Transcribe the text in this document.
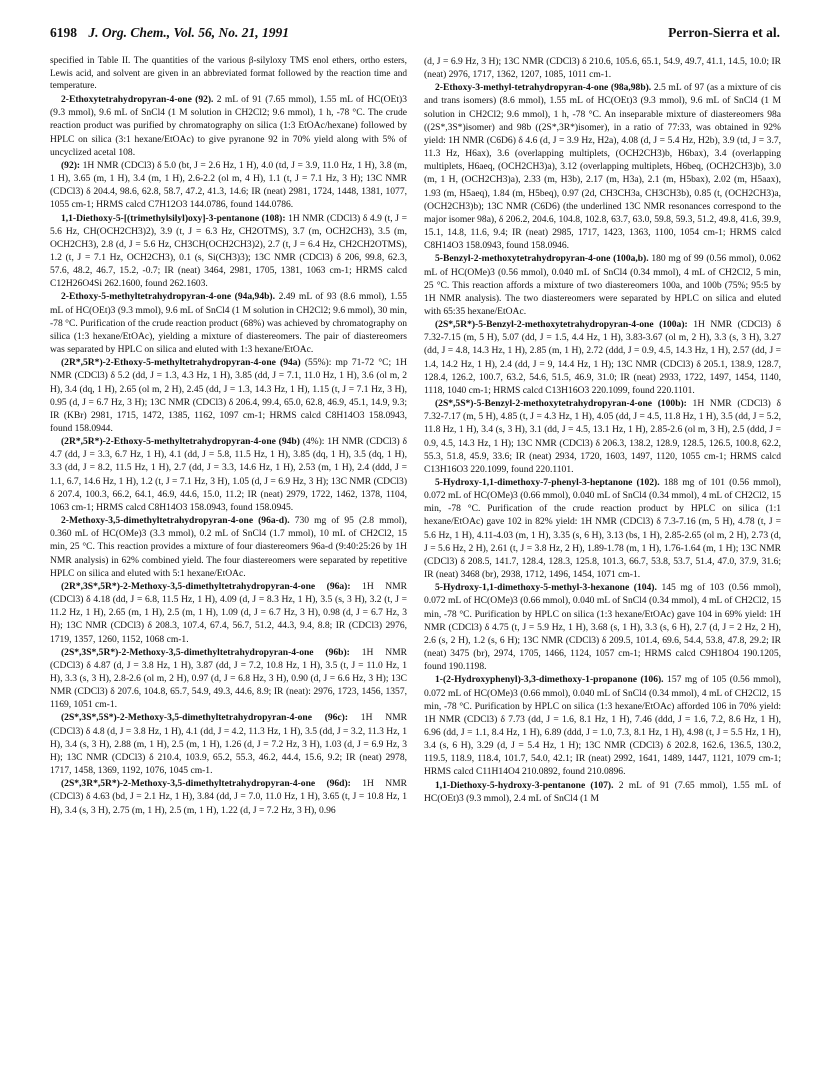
6198 J. Org. Chem., Vol. 56, No. 21, 1991	Perron-Sierra et al.

specified in Table II. The quantities of the various β-silyloxy TMS enol ethers, ortho esters, Lewis acid, and solvent are given in an abbreviated format followed by the reaction time and temperature.

2-Ethoxytetrahydropyran-4-one (92). 2 mL of 91 (7.65 mmol), 1.55 mL of HC(OEt)3 (9.3 mmol), 9.6 mL of SnCl4 (1 M solution in CH2Cl2; 9.6 mmol), 1 h, -78 °C. The crude reaction product was purified by chromatography on silica (1:3 EtOAc/hexane) followed by HPLC on silica (3:1 hexane/EtOAc) to give pyranone 92 in 70% yield along with 5% of uncyclized acetal 108.

(92): 1H NMR (CDCl3) δ 5.0 (bt, J = 2.6 Hz, 1 H), 4.0 (td, J = 3.9, 11.0 Hz, 1 H), 3.8 (m, 1 H), 3.65 (m, 1 H), 3.4 (m, 1 H), 2.6-2.2 (ol m, 4 H), 1.1 (t, J = 7.1 Hz, 3 H); 13C NMR (CDCl3) δ 204.4, 98.6, 62.8, 58.7, 47.2, 41.3, 14.6; IR (neat) 2981, 1724, 1448, 1381, 1077, 1055 cm-1; HRMS calcd C7H12O3 144.0786, found 144.0786.

1,1-Diethoxy-5-[(trimethylsilyl)oxy]-3-pentanone (108): 1H NMR (CDCl3) δ 4.9 (t, J = 5.6 Hz, CH(OCH2CH3)2), 3.9 (t, J = 6.3 Hz, CH2OTMS), 3.7 (m, OCH2CH3), 3.5 (m, OCH2CH3), 2.8 (d, J = 5.6 Hz, CH3CH(OCH2CH3)2), 2.7 (t, J = 6.4 Hz, CH2CH2OTMS), 1.2 (t, J = 7.1 Hz, OCH2CH3), 0.1 (s, Si(CH3)3); 13C NMR (CDCl3) δ 206, 99.8, 62.3, 57.6, 48.2, 46.7, 15.2, -0.7; IR (neat) 3464, 2981, 1705, 1381, 1063 cm-1; HRMS calcd C12H26O4Si 262.1600, found 262.1603.

2-Ethoxy-5-methyltetrahydropyran-4-one (94a,94b). 2.49 mL of 93 (8.6 mmol), 1.55 mL of HC(OEt)3 (9.3 mmol), 9.6 mL of SnCl4 (1 M solution in CH2Cl2; 9.6 mmol), 30 min, -78 °C. Purification of the crude reaction product (68%) was achieved by chromatography on silica (1:3 hexane/EtOAc), yielding a mixture of diastereomers. The pair of diastereomers was separated by HPLC on silica and eluted with 1:3 hexane/EtOAc.

(2R*,5R*)-2-Ethoxy-5-methyltetrahydropyran-4-one (94a) (55%): mp 71-72 °C; 1H NMR (CDCl3) δ 5.2 (dd, J = 1.3, 4.3 Hz, 1 H), 3.85 (dd, J = 7.1, 11.0 Hz, 1 H), 3.6 (ol m, 2 H), 3.4 (dq, 1 H), 2.65 (ol m, 2 H), 2.45 (dd, J = 1.3, 14.3 Hz, 1 H), 1.15 (t, J = 7.1 Hz, 3 H), 0.95 (d, J = 6.7 Hz, 3 H); 13C NMR (CDCl3) δ 206.4, 99.4, 65.0, 62.8, 46.9, 45.1, 14.9, 9.3; IR (KBr) 2981, 1715, 1472, 1385, 1162, 1097 cm-1; HRMS calcd C8H14O3 158.0943, found 158.0944.

(2R*,5R*)-2-Ethoxy-5-methyltetrahydropyran-4-one (94b) (4%): 1H NMR (CDCl3) δ 4.7 (dd, J = 3.3, 6.7 Hz, 1 H), 4.1 (dd, J = 5.8, 11.5 Hz, 1 H), 3.85 (dq, 1 H), 3.5 (dq, 1 H), 3.3 (dd, J = 8.2, 11.5 Hz, 1 H), 2.7 (dd, J = 3.3, 14.6 Hz, 1 H), 2.53 (m, 1 H), 2.4 (ddd, J = 1.1, 6.7, 14.6 Hz, 1 H), 1.2 (t, J = 7.1 Hz, 3 H), 1.05 (d, J = 6.9 Hz, 3 H); 13C NMR (CDCl3) δ 207.4, 100.3, 66.2, 64.1, 46.9, 44.6, 15.0, 11.2; IR (neat) 2979, 1722, 1462, 1378, 1104, 1063 cm-1; HRMS calcd C8H14O3 158.0943, found 158.0945.

2-Methoxy-3,5-dimethyltetrahydropyran-4-one (96a-d). 730 mg of 95 (2.8 mmol), 0.360 mL of HC(OMe)3 (3.3 mmol), 0.2 mL of SnCl4 (1.7 mmol), 10 mL of CH2Cl2, 15 min, 25 °C. This reaction provides a mixture of four diastereomers 96a-d (9:40:25:26 by 1H NMR analysis) in 62% combined yield. The four diastereomers were separated by repetitive HPLC on silica and eluted with 5:1 hexane/EtOAc.

(2R*,3S*,5R*)-2-Methoxy-3,5-dimethyltetrahydropyran-4-one (96a): 1H NMR (CDCl3) δ 4.18 (dd, J = 6.8, 11.5 Hz, 1 H), 4.09 (d, J = 8.3 Hz, 1 H), 3.5 (s, 3 H), 3.2 (t, J = 11.2 Hz, 1 H), 2.65 (m, 1 H), 2.5 (m, 1 H), 1.09 (d, J = 6.7 Hz, 3 H), 0.98 (d, J = 6.7 Hz, 3 H); 13C NMR (CDCl3) δ 208.3, 107.4, 67.4, 56.7, 51.2, 44.3, 9.4, 8.8; IR (CDCl3) 2976, 1719, 1357, 1260, 1152, 1068 cm-1.

(2S*,3S*,5R*)-2-Methoxy-3,5-dimethyltetrahydropyran-4-one (96b): 1H NMR (CDCl3) δ 4.87 (d, J = 3.8 Hz, 1 H), 3.87 (dd, J = 7.2, 10.8 Hz, 1 H), 3.5 (t, J = 11.0 Hz, 1 H), 3.3 (s, 3 H), 2.8-2.6 (ol m, 2 H), 0.97 (d, J = 6.8 Hz, 3 H), 0.90 (d, J = 6.6 Hz, 3 H); 13C NMR (CDCl3) δ 207.6, 104.8, 65.7, 54.9, 49.3, 44.6, 8.9; IR (neat): 2976, 1723, 1456, 1357, 1169, 1051 cm-1.

(2S*,3S*,5S*)-2-Methoxy-3,5-dimethyltetrahydropyran-4-one (96c): 1H NMR (CDCl3) δ 4.8 (d, J = 3.8 Hz, 1 H), 4.1 (dd, J = 4.2, 11.3 Hz, 1 H), 3.5 (dd, J = 3.2, 11.3 Hz, 1 H), 3.4 (s, 3 H), 2.88 (m, 1 H), 2.5 (m, 1 H), 1.26 (d, J = 7.2 Hz, 3 H), 1.03 (d, J = 6.9 Hz, 3 H); 13C NMR (CDCl3) δ 210.4, 103.9, 65.2, 55.3, 46.2, 44.4, 15.6, 9.2; IR (neat) 2978, 1717, 1458, 1369, 1192, 1076, 1045 cm-1.

(2S*,3R*,5R*)-2-Methoxy-3,5-dimethyltetrahydropyran-4-one (96d): 1H NMR (CDCl3) δ 4.63 (bd, J = 2.1 Hz, 1 H), 3.84 (dd, J = 7.0, 11.0 Hz, 1 H), 3.65 (t, J = 10.8 Hz, 1 H), 3.4 (s, 3 H), 2.75 (m, 1 H), 2.5 (m, 1 H), 1.22 (d, J = 7.2 Hz, 3 H), 0.96

(d, J = 6.9 Hz, 3 H); 13C NMR (CDCl3) δ 210.6, 105.6, 65.1, 54.9, 49.7, 41.1, 14.5, 10.0; IR (neat) 2976, 1717, 1362, 1207, 1085, 1011 cm-1.

2-Ethoxy-3-methyl-tetrahydropyran-4-one (98a,98b). 2.5 mL of 97 (as a mixture of cis and trans isomers) (8.6 mmol), 1.55 mL of HC(OEt)3 (9.3 mmol), 9.6 mL of SnCl4 (1 M solution in CH2Cl2; 9.6 mmol), 1 h, -78 °C. An inseparable mixture of diastereomers 98a ((2S*,3S*)isomer) and 98b ((2S*,3R*)isomer), in a ratio of 77:33, was obtained in 92% yield: 1H NMR (C6D6) δ 4.6 (d, J = 3.9 Hz, H2a), 4.08 (d, J = 5.4 Hz, H2b), 3.9 (td, J = 3.7, 11.3 Hz, H6ax), 3.6 (overlapping multiplets, (OCH2CH3)b, H6bax), 3.4 (overlapping multiplets, H6aeq, (OCH2CH3)a), 3.12 (overlapping multiplets, H6beq, (OCH2CH3)b), 3.0 (m, 1 H, (OCH2CH3)a), 2.33 (m, H3b), 2.17 (m, H3a), 2.1 (m, H5bax), 2.02 (m, H5aax), 1.93 (m, H5aeq), 1.84 (m, H5beq), 0.97 (2d, CH3CH3a, CH3CH3b), 0.85 (t, (OCH2CH3)a, (OCH2CH3)b); 13C NMR (C6D6) (the underlined 13C NMR resonances correspond to the major isomer 98a), δ 206.2, 204.6, 104.8, 102.8, 63.7, 63.0, 59.8, 59.3, 51.2, 49.8, 41.6, 39.9, 15.1, 14.8, 11.6, 9.4; IR (neat) 2985, 1717, 1423, 1363, 1100, 1054 cm-1; HRMS calcd C8H14O3 158.0943, found 158.0946.

5-Benzyl-2-methoxytetrahydropyran-4-one (100a,b). 180 mg of 99 (0.56 mmol), 0.062 mL of HC(OMe)3 (0.56 mmol), 0.040 mL of SnCl4 (0.34 mmol), 4 mL of CH2Cl2, 5 min, 25 °C. This reaction affords a mixture of two diastereomers 100a, and 100b (75%; 95:5 by 1H NMR analysis). The two diastereomers were separated by HPLC on silica and eluted with 65:35 hexane/EtOAc.

(2S*,5R*)-5-Benzyl-2-methoxytetrahydropyran-4-one (100a): 1H NMR (CDCl3) δ 7.32-7.15 (m, 5 H), 5.07 (dd, J = 1.5, 4.4 Hz, 1 H), 3.83-3.67 (ol m, 2 H), 3.3 (s, 3 H), 3.27 (dd, J = 4.8, 14.3 Hz, 1 H), 2.85 (m, 1 H), 2.72 (ddd, J = 0.9, 4.5, 14.3 Hz, 1 H), 2.57 (dd, J = 1.4, 14.2 Hz, 1 H), 2.4 (dd, J = 9, 14.4 Hz, 1 H); 13C NMR (CDCl3) δ 205.1, 138.9, 128.7, 128.4, 126.2, 100.7, 63.2, 54.6, 51.5, 46.9, 31.0; IR (neat) 2933, 1722, 1497, 1454, 1140, 1118, 1040 cm-1; HRMS calcd C13H16O3 220.1099, found 220.1101.

(2S*,5S*)-5-Benzyl-2-methoxytetrahydropyran-4-one (100b): 1H NMR (CDCl3) δ 7.32-7.17 (m, 5 H), 4.85 (t, J = 4.3 Hz, 1 H), 4.05 (dd, J = 4.5, 11.8 Hz, 1 H), 3.5 (dd, J = 5.2, 11.8 Hz, 1 H), 3.4 (s, 3 H), 3.1 (dd, J = 4.5, 13.1 Hz, 1 H), 2.85-2.6 (ol m, 3 H), 2.5 (ddd, J = 0.9, 4.5, 14.3 Hz, 1 H); 13C NMR (CDCl3) δ 206.3, 138.2, 128.9, 128.5, 126.5, 100.8, 62.2, 55.3, 51.8, 45.9, 33.6; IR (neat) 2934, 1720, 1603, 1497, 1120, 1055 cm-1; HRMS calcd C13H16O3 220.1099, found 220.1101.

5-Hydroxy-1,1-dimethoxy-7-phenyl-3-heptanone (102). 188 mg of 101 (0.56 mmol), 0.072 mL of HC(OMe)3 (0.66 mmol), 0.040 mL of SnCl4 (0.34 mmol), 4 mL of CH2Cl2, 15 min, -78 °C. Purification of the crude reaction product by HPLC on silica (1:1 hexane/EtOAc) gave 102 in 82% yield: 1H NMR (CDCl3) δ 7.3-7.16 (m, 5 H), 4.78 (t, J = 5.6 Hz, 1 H), 4.11-4.03 (m, 1 H), 3.35 (s, 6 H), 3.13 (bs, 1 H), 2.85-2.65 (ol m, 2 H), 2.73 (d, J = 5.6 Hz, 2 H), 2.61 (t, J = 3.8 Hz, 2 H), 1.89-1.78 (m, 1 H), 1.76-1.64 (m, 1 H); 13C NMR (CDCl3) δ 208.5, 141.7, 128.4, 128.3, 125.8, 101.3, 66.7, 53.8, 53.7, 51.4, 47.0, 37.9, 31.6; IR (neat) 3468 (br), 2938, 1712, 1496, 1454, 1071 cm-1.

5-Hydroxy-1,1-dimethoxy-5-methyl-3-hexanone (104). 145 mg of 103 (0.56 mmol), 0.072 mL of HC(OMe)3 (0.66 mmol), 0.040 mL of SnCl4 (0.34 mmol), 4 mL of CH2Cl2, 15 min, -78 °C. Purification by HPLC on silica (1:3 hexane/EtOAc) gave 104 in 69% yield: 1H NMR (CDCl3) δ 4.75 (t, J = 5.9 Hz, 1 H), 3.68 (s, 1 H), 3.3 (s, 6 H), 2.7 (d, J = 2 Hz, 2 H), 2.6 (s, 2 H), 1.2 (s, 6 H); 13C NMR (CDCl3) δ 209.5, 101.4, 69.6, 54.4, 53.8, 47.8, 29.2; IR (neat) 3475 (br), 2974, 1705, 1466, 1124, 1057 cm-1; HRMS calcd C9H18O4 190.1205, found 190.1198.

1-(2-Hydroxyphenyl)-3,3-dimethoxy-1-propanone (106). 157 mg of 105 (0.56 mmol), 0.072 mL of HC(OMe)3 (0.66 mmol), 0.040 mL of SnCl4 (0.34 mmol), 4 mL of CH2Cl2, 15 min, -78 °C. Purification by HPLC on silica (1:3 hexane/EtOAc) afforded 106 in 70% yield: 1H NMR (CDCl3) δ 7.73 (dd, J = 1.6, 8.1 Hz, 1 H), 7.46 (ddd, J = 1.6, 7.2, 8.6 Hz, 1 H), 6.96 (dd, J = 1.1, 8.4 Hz, 1 H), 6.89 (ddd, J = 1.0, 7.3, 8.1 Hz, 1 H), 4.98 (t, J = 5.5 Hz, 1 H), 3.4 (s, 6 H), 3.29 (d, J = 5.4 Hz, 1 H); 13C NMR (CDCl3) δ 202.8, 162.6, 136.5, 130.2, 119.5, 118.9, 118.4, 101.7, 54.0, 42.1; IR (neat) 2992, 1641, 1489, 1447, 1121, 1079 cm-1; HRMS calcd C11H14O4 210.0892, found 210.0896.

1,1-Diethoxy-5-hydroxy-3-pentanone (107). 2 mL of 91 (7.65 mmol), 1.55 mL of HC(OEt)3 (9.3 mmol), 2.4 mL of SnCl4 (1 M
